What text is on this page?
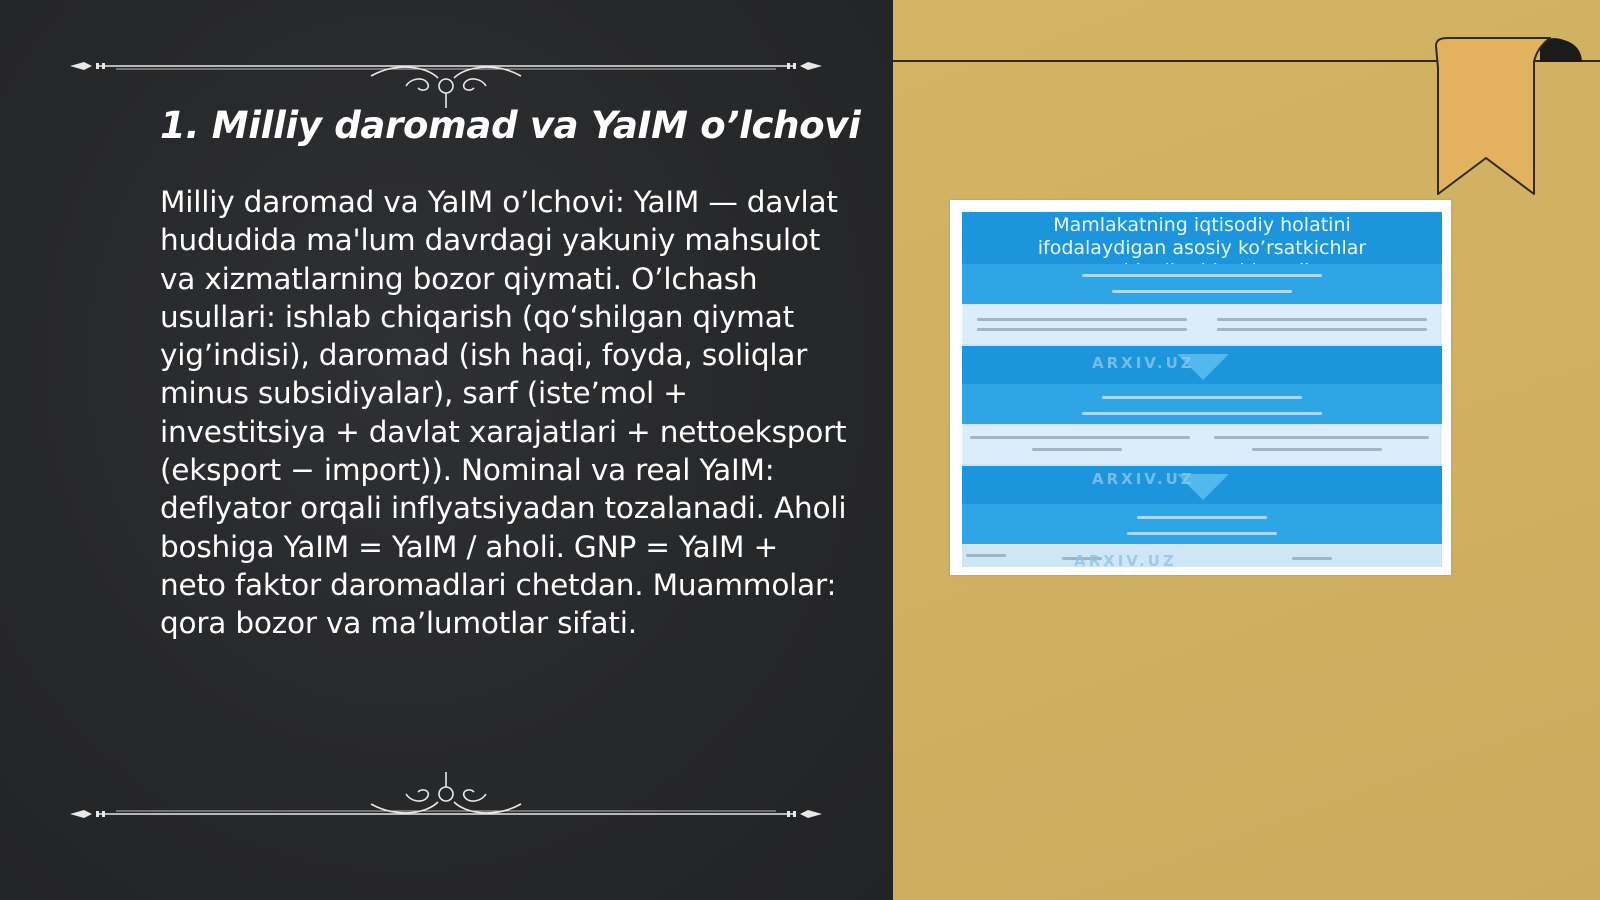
1. Milliy daromad va YaIM o’lchovi

Milliy daromad va YaIM o’lchovi: YaIM — davlat hududida ma'lum davrdagi yakuniy mahsulot va xizmatlarning bozor qiymati. O’lchash usullari: ishlab chiqarish (qo‘shilgan qiymat yig’indisi), daromad (ish haqi, foyda, soliqlar minus subsidiyalar), sarf (iste’mol + investitsiya + davlat xarajatlari + nettoeksport (eksport − import)). Nominal va real YaIM: deflyator orqali inflyatsiyadan tozalanadi. Aholi boshiga YaIM = YaIM / aholi. GNP = YaIM + neto faktor daromadlari chetdan. Muammolar: qora bozor va ma’lumotlar sifati.

Mamlakatning iqtisodiy holatini
ifodalaydigan asosiy ko’rsatkichlar
ARXIV.UZ
ARXIV.UZ
ARXIV.UZ
